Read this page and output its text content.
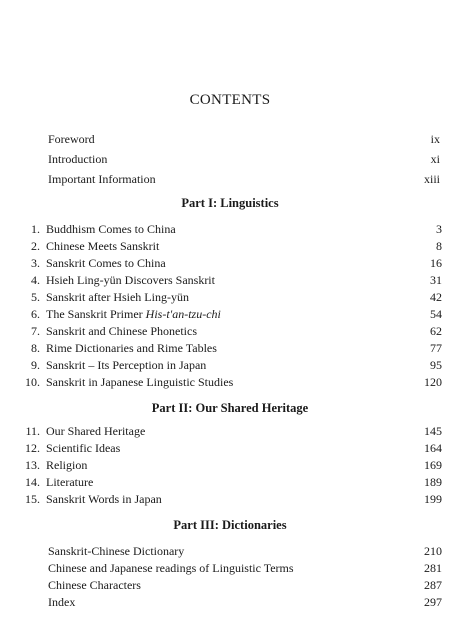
CONTENTS
Foreword	ix
Introduction	xi
Important Information	xiii
Part I: Linguistics
1. Buddhism Comes to China	3
2. Chinese Meets Sanskrit	8
3. Sanskrit Comes to China	16
4. Hsieh Ling-yün Discovers Sanskrit	31
5. Sanskrit after Hsieh Ling-yün	42
6. The Sanskrit Primer His-t'an-tzu-chi	54
7. Sanskrit and Chinese Phonetics	62
8. Rime Dictionaries and Rime Tables	77
9. Sanskrit – Its Perception in Japan	95
10. Sanskrit in Japanese Linguistic Studies	120
Part II: Our Shared Heritage
11. Our Shared Heritage	145
12. Scientific Ideas	164
13. Religion	169
14. Literature	189
15. Sanskrit Words in Japan	199
Part III: Dictionaries
Sanskrit-Chinese Dictionary	210
Chinese and Japanese readings of Linguistic Terms	281
Chinese Characters	287
Index	297
